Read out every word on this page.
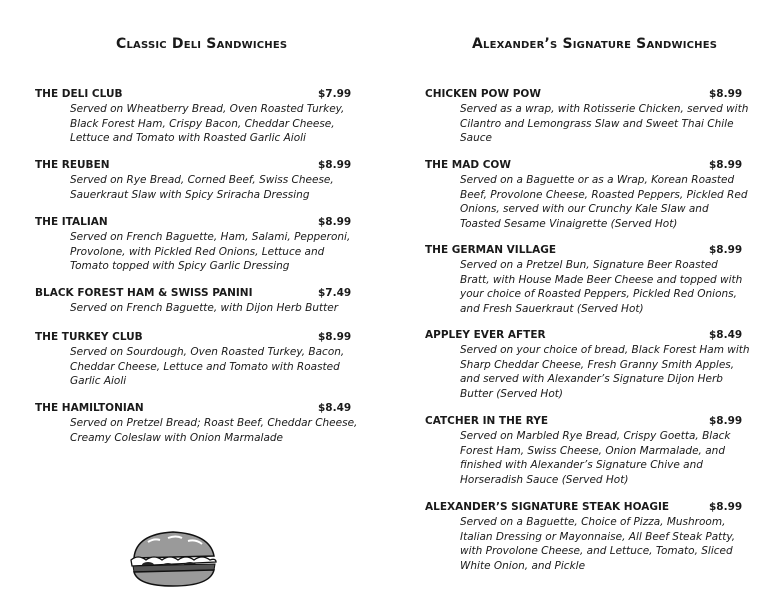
Classic Deli Sandwiches	Alexander’s Signature Sandwiches
THE DELI CLUB	$7.99
Served on Wheatberry Bread, Oven Roasted Turkey, Black Forest Ham, Crispy Bacon, Cheddar Cheese, Lettuce and Tomato with Roasted Garlic Aioli
THE REUBEN	$8.99
Served on Rye Bread, Corned Beef, Swiss Cheese, Sauerkraut Slaw with Spicy Sriracha Dressing
THE ITALIAN	$8.99
Served on French Baguette, Ham, Salami, Pepperoni, Provolone, with Pickled Red Onions, Lettuce and Tomato topped with Spicy Garlic Dressing
BLACK FOREST HAM & SWISS PANINI	$7.49
Served on French Baguette, with Dijon Herb Butter
THE TURKEY CLUB	$8.99
Served on Sourdough, Oven Roasted Turkey, Bacon, Cheddar Cheese, Lettuce and Tomato with Roasted Garlic Aioli
THE HAMILTONIAN	$8.49
Served on Pretzel Bread; Roast Beef, Cheddar Cheese, Creamy Coleslaw with Onion Marmalade
CHICKEN POW POW	$8.99
Served as a wrap, with Rotisserie Chicken, served with Cilantro and Lemongrass Slaw and Sweet Thai Chile Sauce
THE MAD COW	$8.99
Served on a Baguette or as a Wrap, Korean Roasted Beef, Provolone Cheese, Roasted Peppers, Pickled Red Onions, served with our Crunchy Kale Slaw and Toasted Sesame Vinaigrette (Served Hot)
THE GERMAN VILLAGE	$8.99
Served on a Pretzel Bun, Signature Beer Roasted Bratt, with House Made Beer Cheese and topped with your choice of Roasted Peppers, Pickled Red Onions, and Fresh Sauerkraut (Served Hot)
APPLEY EVER AFTER	$8.49
Served on your choice of bread, Black Forest Ham with Sharp Cheddar Cheese, Fresh Granny Smith Apples, and served with Alexander’s Signature Dijon Herb Butter (Served Hot)
CATCHER IN THE RYE	$8.99
Served on Marbled Rye Bread, Crispy Goetta, Black Forest Ham, Swiss Cheese, Onion Marmalade, and finished with Alexander’s Signature Chive and Horseradish Sauce (Served Hot)
ALEXANDER’S SIGNATURE STEAK HOAGIE	$8.99
Served on a Baguette, Choice of Pizza, Mushroom, Italian Dressing or Mayonnaise, All Beef Steak Patty, with Provolone Cheese, and Lettuce, Tomato, Sliced White Onion, and Pickle
